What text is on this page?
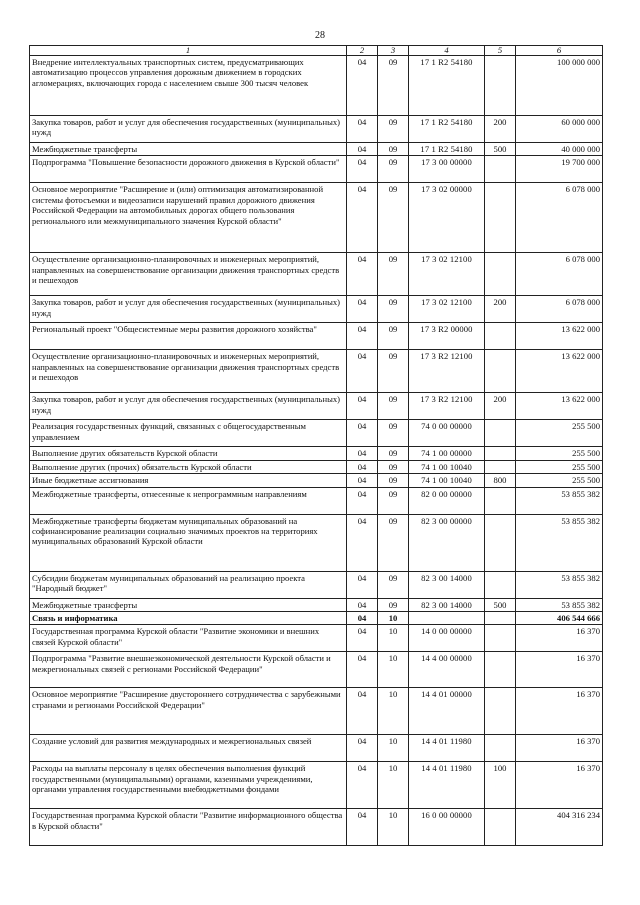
28
1	2	3	4	5	6
Внедрение интеллектуальных транспортных систем, предусматривающих автоматизацию процессов управления дорожным движением в городских агломерациях, включающих города с населением свыше 300 тысяч человек	04	09	17 1 R2 54180		100 000 000
Закупка товаров, работ и услуг для обеспечения государственных (муниципальных) нужд	04	09	17 1 R2 54180	200	60 000 000
Межбюджетные трансферты	04	09	17 1 R2 54180	500	40 000 000
Подпрограмма "Повышение безопасности дорожного движения в Курской области"	04	09	17 3 00 00000		19 700 000
Основное мероприятие "Расширение и (или) оптимизация автоматизированной системы фотосъемки и видеозаписи нарушений правил дорожного движения Российской Федерации на автомобильных дорогах общего пользования регионального или межмуниципального значения Курской области"	04	09	17 3 02 00000		6 078 000
Осуществление организационно-планировочных и инженерных мероприятий, направленных на совершенствование организации движения транспортных средств и пешеходов	04	09	17 3 02 12100		6 078 000
Закупка товаров, работ и услуг для обеспечения государственных (муниципальных) нужд	04	09	17 3 02 12100	200	6 078 000
Региональный проект "Общесистемные меры развития дорожного хозяйства"	04	09	17 3 R2 00000		13 622 000
Осуществление организационно-планировочных и инженерных мероприятий, направленных на совершенствование организации движения транспортных средств и пешеходов	04	09	17 3 R2 12100		13 622 000
Закупка товаров, работ и услуг для обеспечения государственных (муниципальных) нужд	04	09	17 3 R2 12100	200	13 622 000
Реализация государственных функций, связанных с общегосударственным управлением	04	09	74 0 00 00000		255 500
Выполнение других обязательств Курской области	04	09	74 1 00 00000		255 500
Выполнение других (прочих) обязательств Курской области	04	09	74 1 00 10040		255 500
Иные бюджетные ассигнования	04	09	74 1 00 10040	800	255 500
Межбюджетные трансферты, отнесенные к непрограммным направлениям	04	09	82 0 00 00000		53 855 382
Межбюджетные трансферты бюджетам муниципальных образований на софинансирование реализации социально значимых проектов на территориях муниципальных образований Курской области	04	09	82 3 00 00000		53 855 382
Субсидии бюджетам муниципальных образований на реализацию проекта "Народный бюджет"	04	09	82 3 00 14000		53 855 382
Межбюджетные трансферты	04	09	82 3 00 14000	500	53 855 382
Связь и информатика	04	10			406 544 666
Государственная программа Курской области "Развитие экономики и внешних связей Курской области"	04	10	14 0 00 00000		16 370
Подпрограмма "Развитие внешнеэкономической деятельности Курской области и межрегиональных связей с регионами Российской Федерации"	04	10	14 4 00 00000		16 370
Основное мероприятие "Расширение двустороннего сотрудничества с зарубежными странами и регионами Российской Федерации"	04	10	14 4 01 00000		16 370
Создание условий для развития международных и межрегиональных связей	04	10	14 4 01 11980		16 370
Расходы на выплаты персоналу в целях обеспечения выполнения функций государственными (муниципальными) органами, казенными учреждениями, органами управления государственными внебюджетными фондами	04	10	14 4 01 11980	100	16 370
Государственная программа Курской области "Развитие информационного общества в Курской области"	04	10	16 0 00 00000		404 316 234
